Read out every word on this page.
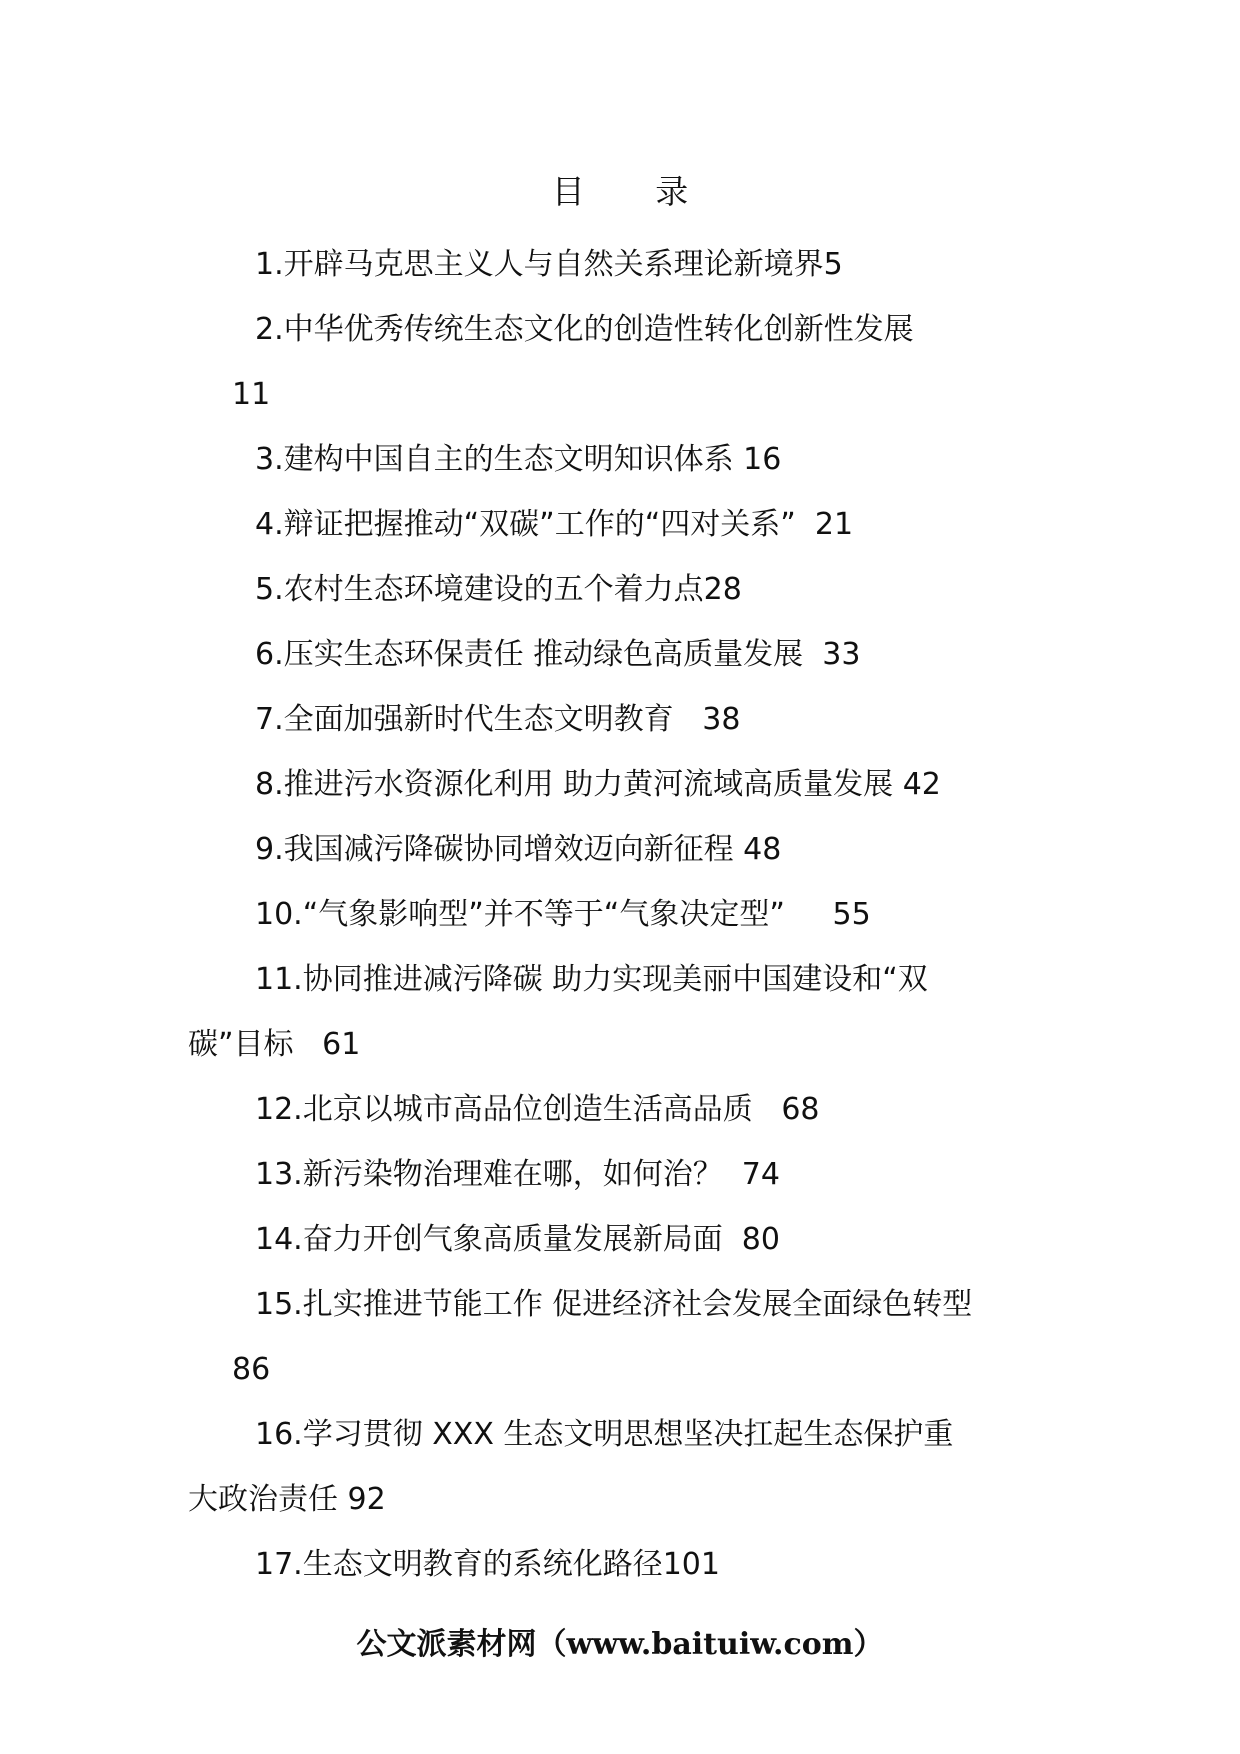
目 录
1.开辟马克思主义人与自然关系理论新境界5
2.中华优秀传统生态文化的创造性转化创新性发展
11
3.建构中国自主的生态文明知识体系 16
4.辩证把握推动“双碳”工作的“四对关系”  21
5.农村生态环境建设的五个着力点28
6.压实生态环保责任 推动绿色高质量发展  33
7.全面加强新时代生态文明教育   38
8.推进污水资源化利用 助力黄河流域高质量发展 42
9.我国减污降碳协同增效迈向新征程 48
10.“气象影响型”并不等于“气象决定型”     55
11.协同推进减污降碳 助力实现美丽中国建设和“双
碳”目标   61
12.北京以城市高品位创造生活高品质   68
13.新污染物治理难在哪，如何治？  74
14.奋力开创气象高质量发展新局面  80
15.扎实推进节能工作 促进经济社会发展全面绿色转型
86
16.学习贯彻 XXX 生态文明思想坚决扛起生态保护重
大政治责任 92
17.生态文明教育的系统化路径101
公文派素材网（www.baituiw.com）
